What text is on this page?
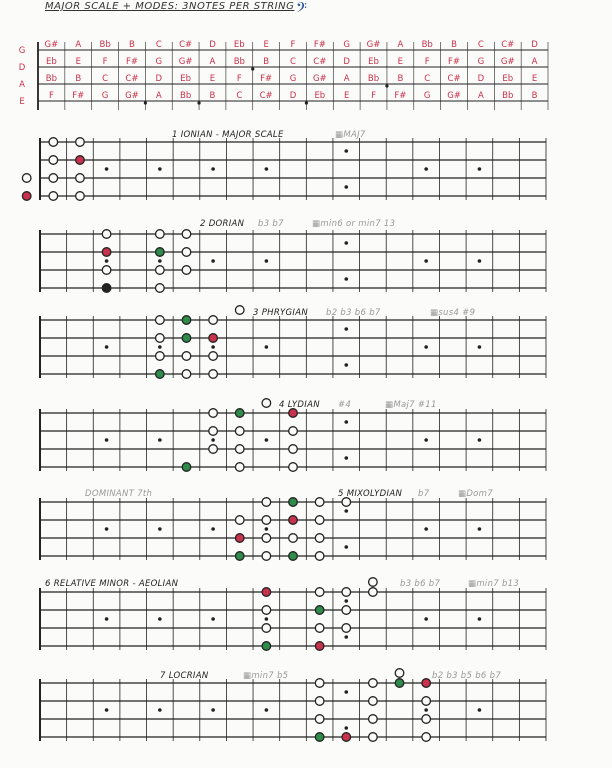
MAJOR SCALE + MODES: 3NOTES PER STRING 𝄢
G
G# A Bb B C C# D Eb E	F F# G G# A Bb B C C# D
D
Eb E	F F# G G# A Bb B C C# D Eb E	F F# G G# A
A
Bb B C C# D Eb E	F F# G G# A Bb B C C# D Eb E
E
F F# G G# A Bb B C C# D Eb E	F F# G G# A Bb B
1 IONIAN - MAJOR SCALE	▦MAJ7
2 DORIAN b3 b7	▦min6 or min7 13
3 PHRYGIAN b2 b3 b6 b7	▦sus4 #9
4 LYDIAN #4	▦Maj7 #11
5 MIXOLYDIAN b7	▦Dom7
DOMINANT 7th
6 RELATIVE MINOR - AEOLIAN	b3 b6 b7	▦min7 b13
7 LOCRIAN	b2 b3 b5 b6 b7
▦min7 b5
